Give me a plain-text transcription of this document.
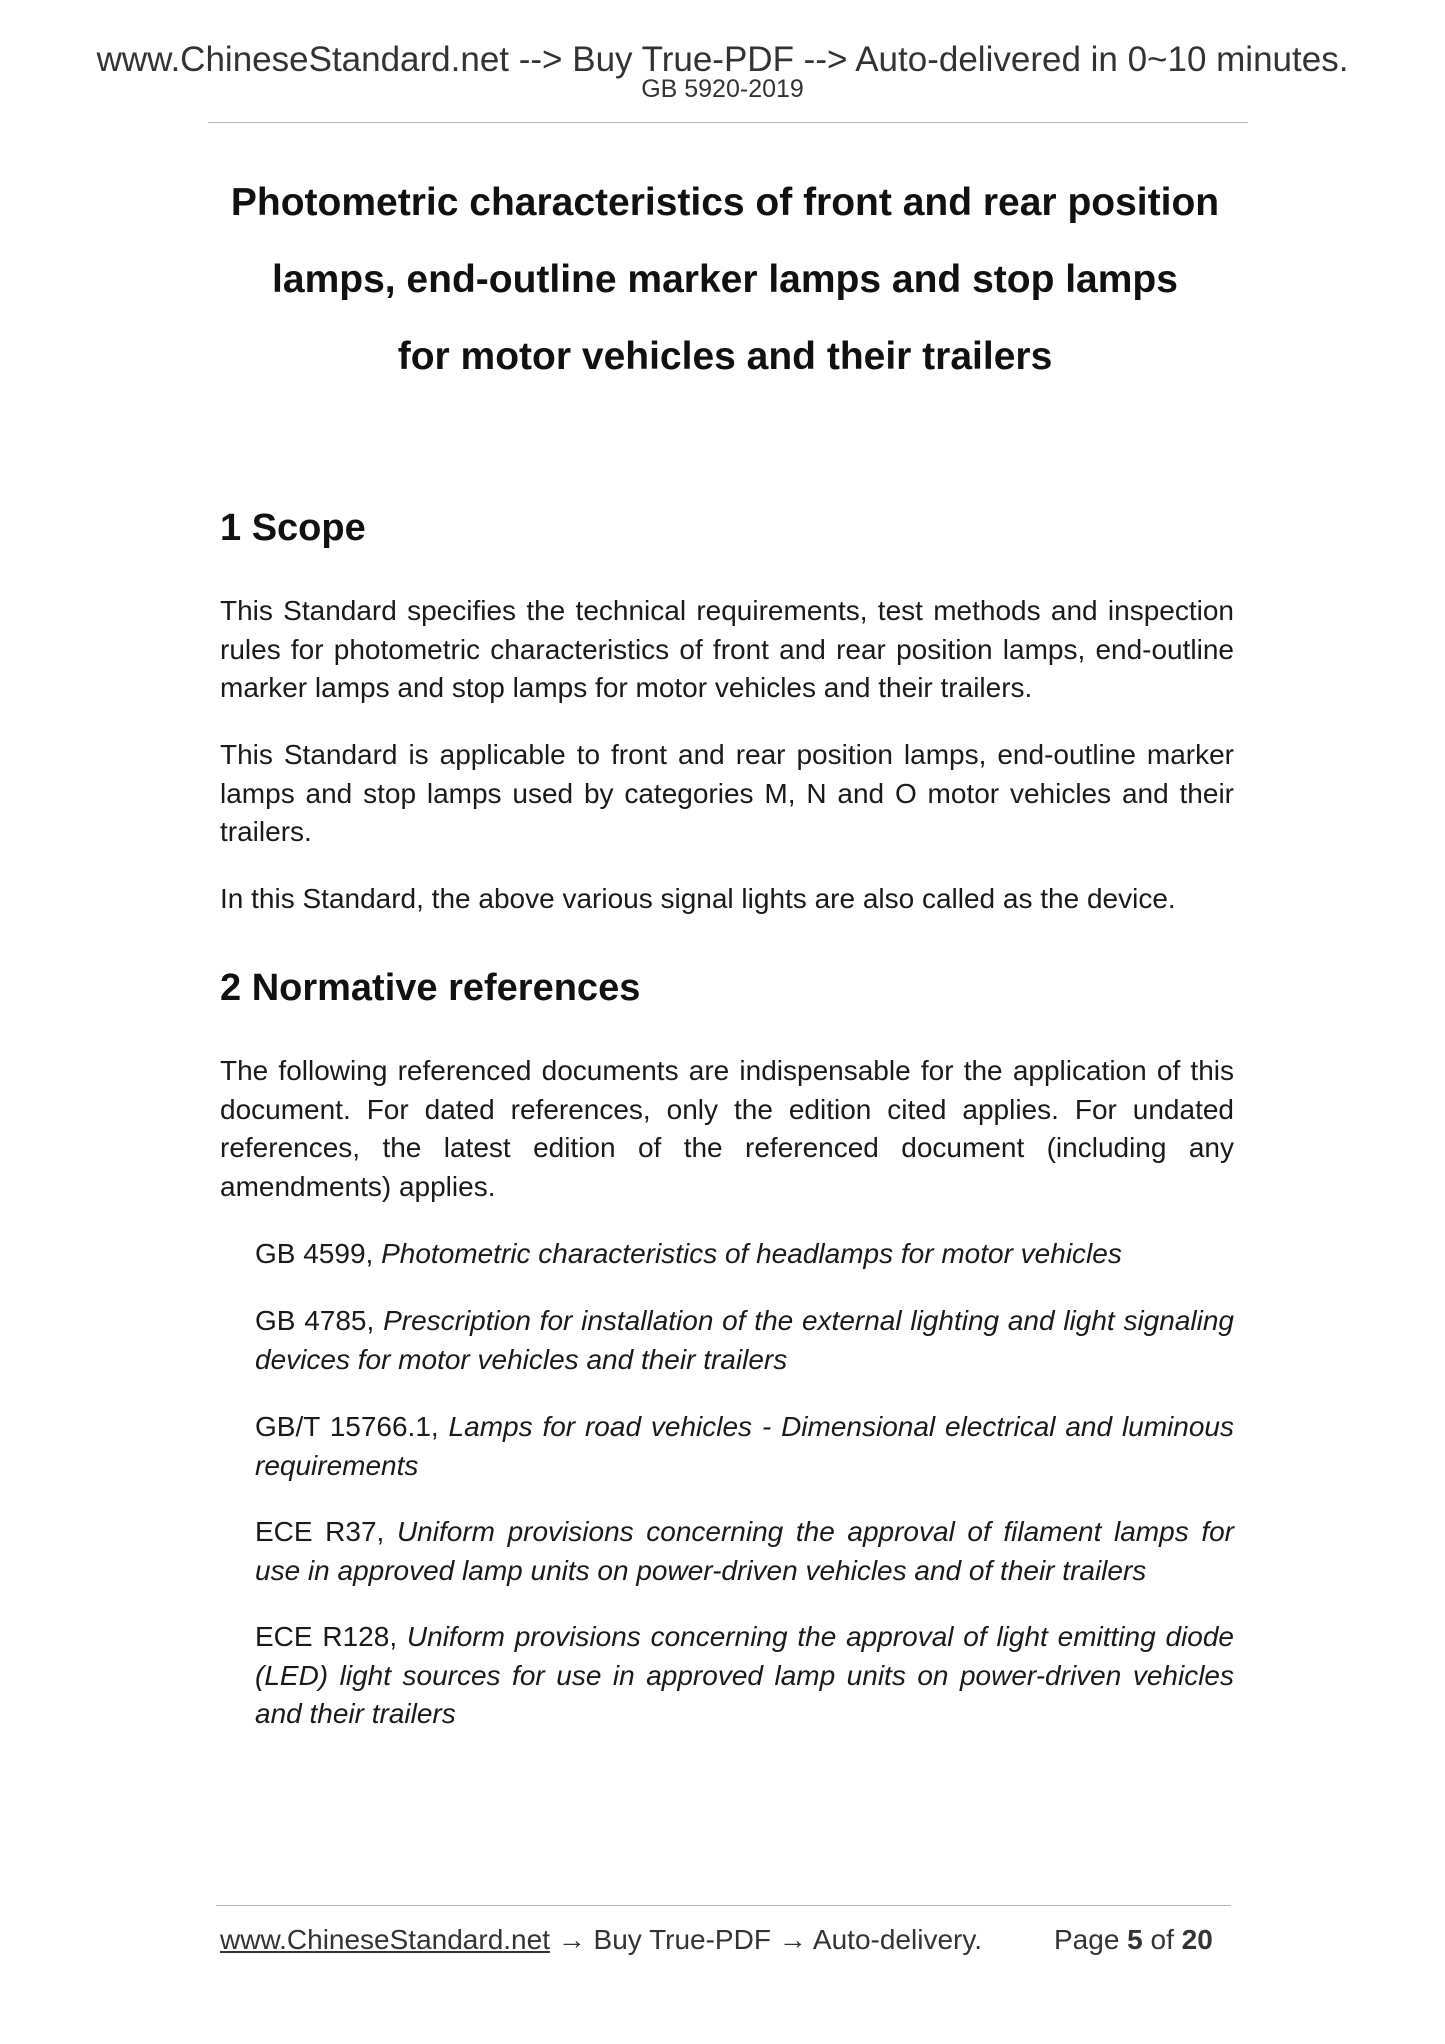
www.ChineseStandard.net --> Buy True-PDF --> Auto-delivered in 0~10 minutes.
GB 5920-2019
Photometric characteristics of front and rear position
lamps, end-outline marker lamps and stop lamps
for motor vehicles and their trailers
1 Scope
This Standard specifies the technical requirements, test methods and inspection rules for photometric characteristics of front and rear position lamps, end-outline marker lamps and stop lamps for motor vehicles and their trailers.
This Standard is applicable to front and rear position lamps, end-outline marker lamps and stop lamps used by categories M, N and O motor vehicles and their trailers.
In this Standard, the above various signal lights are also called as the device.
2 Normative references
The following referenced documents are indispensable for the application of this document. For dated references, only the edition cited applies. For undated references, the latest edition of the referenced document (including any amendments) applies.
GB 4599, Photometric characteristics of headlamps for motor vehicles
GB 4785, Prescription for installation of the external lighting and light signaling devices for motor vehicles and their trailers
GB/T 15766.1, Lamps for road vehicles - Dimensional electrical and luminous requirements
ECE R37, Uniform provisions concerning the approval of filament lamps for use in approved lamp units on power-driven vehicles and of their trailers
ECE R128, Uniform provisions concerning the approval of light emitting diode (LED) light sources for use in approved lamp units on power-driven vehicles and their trailers
www.ChineseStandard.net → Buy True-PDF → Auto-delivery.	Page 5 of 20
